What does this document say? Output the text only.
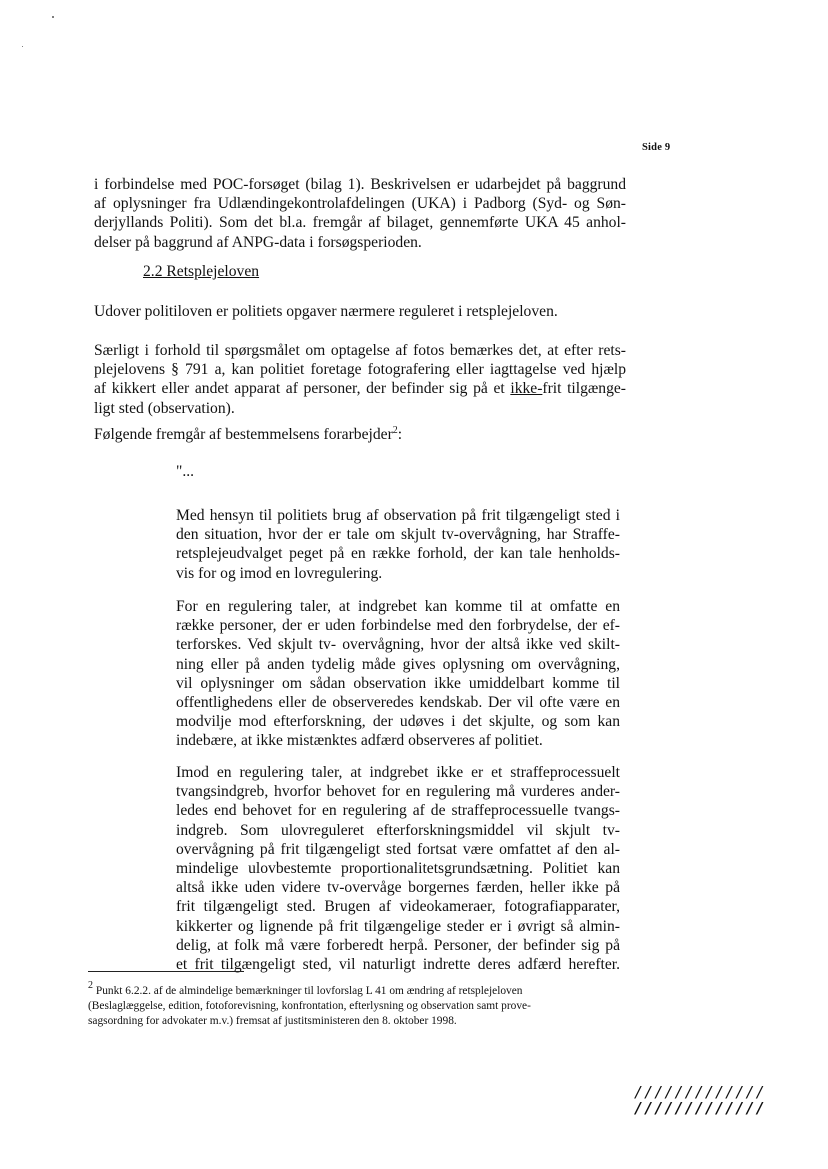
Side 9

i forbindelse med POC-forsøget (bilag 1). Beskrivelsen er udarbejdet på baggrund
af oplysninger fra Udlændingekontrolafdelingen (UKA) i Padborg (Syd- og Søn-
derjyllands Politi). Som det bl.a. fremgår af bilaget, gennemførte UKA 45 anhol-
delser på baggrund af ANPG-data i forsøgsperioden.

2.2 Retsplejeloven

Udover politiloven er politiets opgaver nærmere reguleret i retsplejeloven.

Særligt i forhold til spørgsmålet om optagelse af fotos bemærkes det, at efter rets-
plejelovens § 791 a, kan politiet foretage fotografering eller iagttagelse ved hjælp
af kikkert eller andet apparat af personer, der befinder sig på et ikke-frit tilgænge-
ligt sted (observation).

Følgende fremgår af bestemmelsens forarbejder$^2$:

"...

Med hensyn til politiets brug af observation på frit tilgængeligt sted i
den situation, hvor der er tale om skjult tv-overvågning, har Straffe-
retsplejeudvalget peget på en række forhold, der kan tale henholds-
vis for og imod en lovregulering.

For en regulering taler, at indgrebet kan komme til at omfatte en
række personer, der er uden forbindelse med den forbrydelse, der ef-
terforskes. Ved skjult tv- overvågning, hvor der altså ikke ved skilt-
ning eller på anden tydelig måde gives oplysning om overvågning,
vil oplysninger om sådan observation ikke umiddelbart komme til
offentlighedens eller de observeredes kendskab. Der vil ofte være en
modvilje mod efterforskning, der udøves i det skjulte, og som kan
indebære, at ikke mistænktes adfærd observeres af politiet.

Imod en regulering taler, at indgrebet ikke er et straffeprocessuelt
tvangsindgreb, hvorfor behovet for en regulering må vurderes ander-
ledes end behovet for en regulering af de straffeprocessuelle tvangs-
indgreb. Som ulovreguleret efterforskningsmiddel vil skjult tv-
overvågning på frit tilgængeligt sted fortsat være omfattet af den al-
mindelige ulovbestemte proportionalitetsgrundsætning. Politiet kan
altså ikke uden videre tv-overvåge borgernes færden, heller ikke på
frit tilgængeligt sted. Brugen af videokameraer, fotografiapparater,
kikkerter og lignende på frit tilgængelige steder er i øvrigt så almin-
delig, at folk må være forberedt herpå. Personer, der befinder sig på
et frit tilgængeligt sted, vil naturligt indrette deres adfærd herefter.

$^2$ Punkt 6.2.2. af de almindelige bemærkninger til lovforslag L 41 om ændring af retsplejeloven
(Beslaglæggelse, edition, fotoforevisning, konfrontation, efterlysning og observation samt prove-
sagsordning for advokater m.v.) fremsat af justitsministeren den 8. oktober 1998.

/////////////
/////////////
